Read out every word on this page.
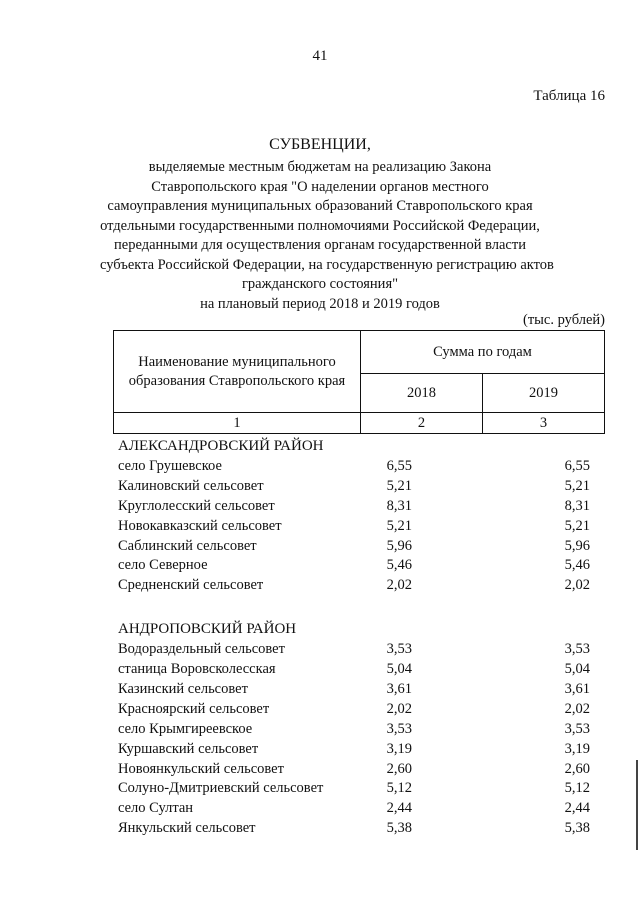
41
Таблица 16
СУБВЕНЦИИ,
выделяемые местным бюджетам на реализацию Закона
Ставропольского края "О наделении органов местного
самоуправления муниципальных образований Ставропольского края
отдельными государственными полномочиями Российской Федерации,
переданными для осуществления органам государственной власти
субъекта Российской Федерации, на государственную регистрацию актов
гражданского состояния"
на плановый период 2018 и 2019 годов
(тыс. рублей)
Наименование муниципального образования Ставропольского края	Сумма по годам	
	2018	2019
1	2	3
АЛЕКСАНДРОВСКИЙ РАЙОН
село Грушевское	6,55	6,55
Калиновский сельсовет	5,21	5,21
Круглолесский сельсовет	8,31	8,31
Новокавказский сельсовет	5,21	5,21
Саблинский сельсовет	5,96	5,96
село Северное	5,46	5,46
Средненский сельсовет	2,02	2,02
АНДРОПОВСКИЙ РАЙОН
Водораздельный сельсовет	3,53	3,53
станица Воровсколесская	5,04	5,04
Казинский сельсовет	3,61	3,61
Красноярский сельсовет	2,02	2,02
село Крымгиреевское	3,53	3,53
Куршавский сельсовет	3,19	3,19
Новоянкульский сельсовет	2,60	2,60
Солуно-Дмитриевский сельсовет	5,12	5,12
село Султан	2,44	2,44
Янкульский сельсовет	5,38	5,38
